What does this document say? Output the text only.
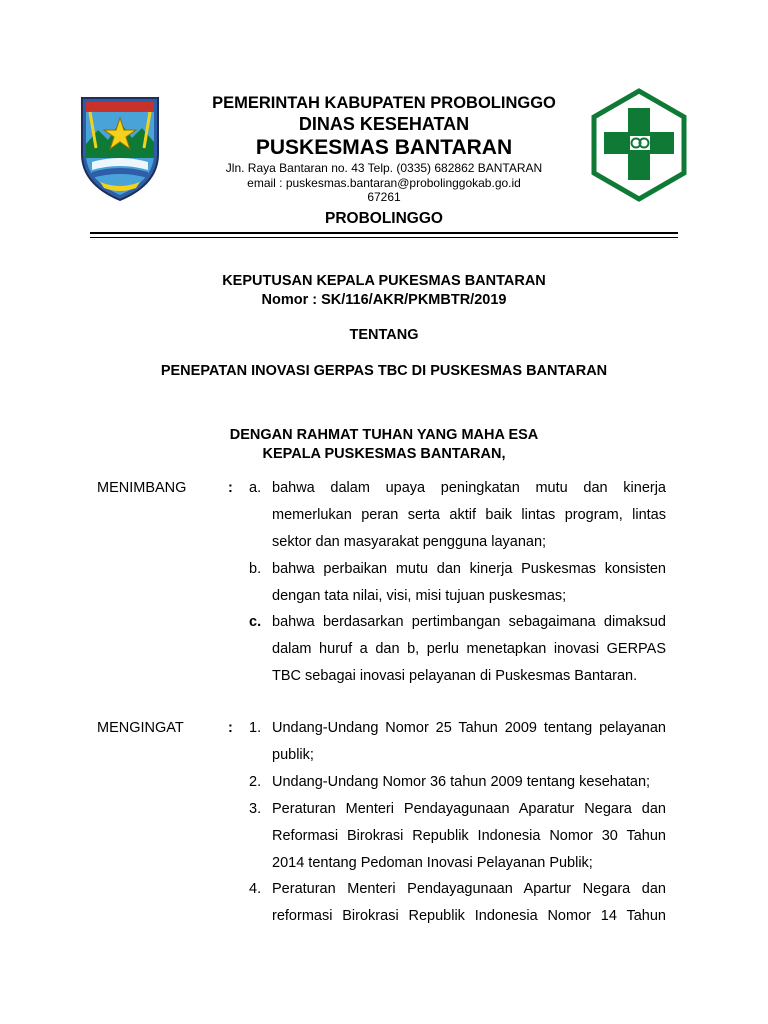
PEMERINTAH KABUPATEN PROBOLINGGO
DINAS KESEHATAN
PUSKESMAS BANTARAN
Jln. Raya Bantaran no. 43 Telp. (0335) 682862 BANTARAN
email : puskesmas.bantaran@probolinggokab.go.id
67261
PROBOLINGGO
KEPUTUSAN KEPALA PUKESMAS BANTARAN
Nomor : SK/116/AKR/PKMBTR/2019
TENTANG
PENEPATAN INOVASI GERPAS TBC DI PUSKESMAS BANTARAN
DENGAN RAHMAT TUHAN YANG MAHA ESA
KEPALA PUSKESMAS BANTARAN,
MENIMBANG	: a. bahwa dalam upaya peningkatan mutu dan kinerja memerlukan peran serta aktif baik lintas program, lintas sektor dan masyarakat pengguna layanan;
b. bahwa perbaikan mutu dan kinerja Puskesmas konsisten dengan tata nilai, visi, misi tujuan puskesmas;
c. bahwa berdasarkan pertimbangan sebagaimana dimaksud dalam huruf a dan b, perlu menetapkan inovasi GERPAS TBC sebagai inovasi pelayanan di Puskesmas Bantaran.
MENGINGAT	: 1. Undang-Undang Nomor 25 Tahun 2009 tentang pelayanan publik;
2. Undang-Undang Nomor 36 tahun 2009 tentang kesehatan;
3. Peraturan Menteri Pendayagunaan Aparatur Negara dan Reformasi Birokrasi Republik Indonesia Nomor 30 Tahun 2014 tentang Pedoman Inovasi Pelayanan Publik;
4. Peraturan Menteri Pendayagunaan Apartur Negara dan reformasi Birokrasi Republik Indonesia Nomor 14 Tahun
